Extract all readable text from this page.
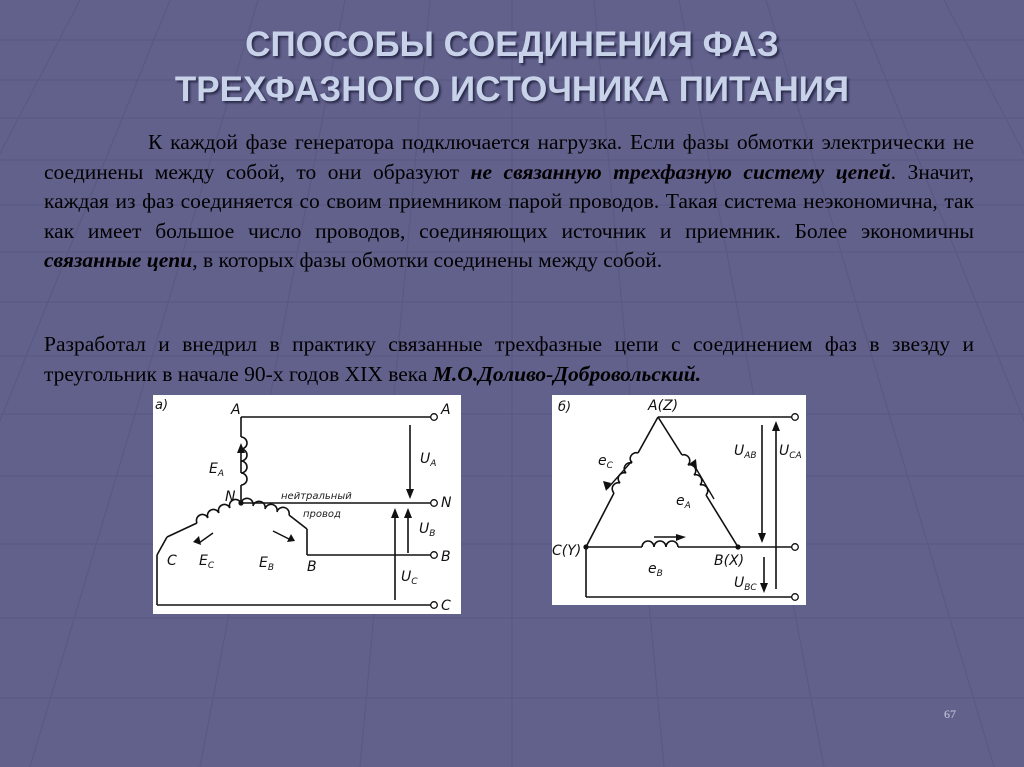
СПОСОБЫ СОЕДИНЕНИЯ ФАЗ
ТРЕХФАЗНОГО ИСТОЧНИКА ПИТАНИЯ

К каждой фазе генератора подключается нагрузка. Если фазы обмотки электрически не соединены между собой, то они образуют не связанную трехфазную систему цепей. Значит, каждая из фаз соединяется со своим приемником парой проводов. Такая система неэкономична, так как имеет большое число проводов, соединяющих источник и приемник. Более экономичны связанные цепи, в которых фазы обмотки соединены между собой.

Разработал и внедрил в практику связанные трехфазные цепи с соединением фаз в звезду и треугольник в начале 90-х годов XIX века М.О.Доливо-Добровольский.

а)	A	A
N	N
B
B
C
C
$E_A$
$E_C$	$E_B$
$U_A$
$U_B$
$U_C$
нейтральный
провод
б)	A(Z)
C(Y)
B(X)
$e_C$
$e_A$
$e_B$
$U_{AB}$ $U_{CA}$
$U_{BC}$
67
